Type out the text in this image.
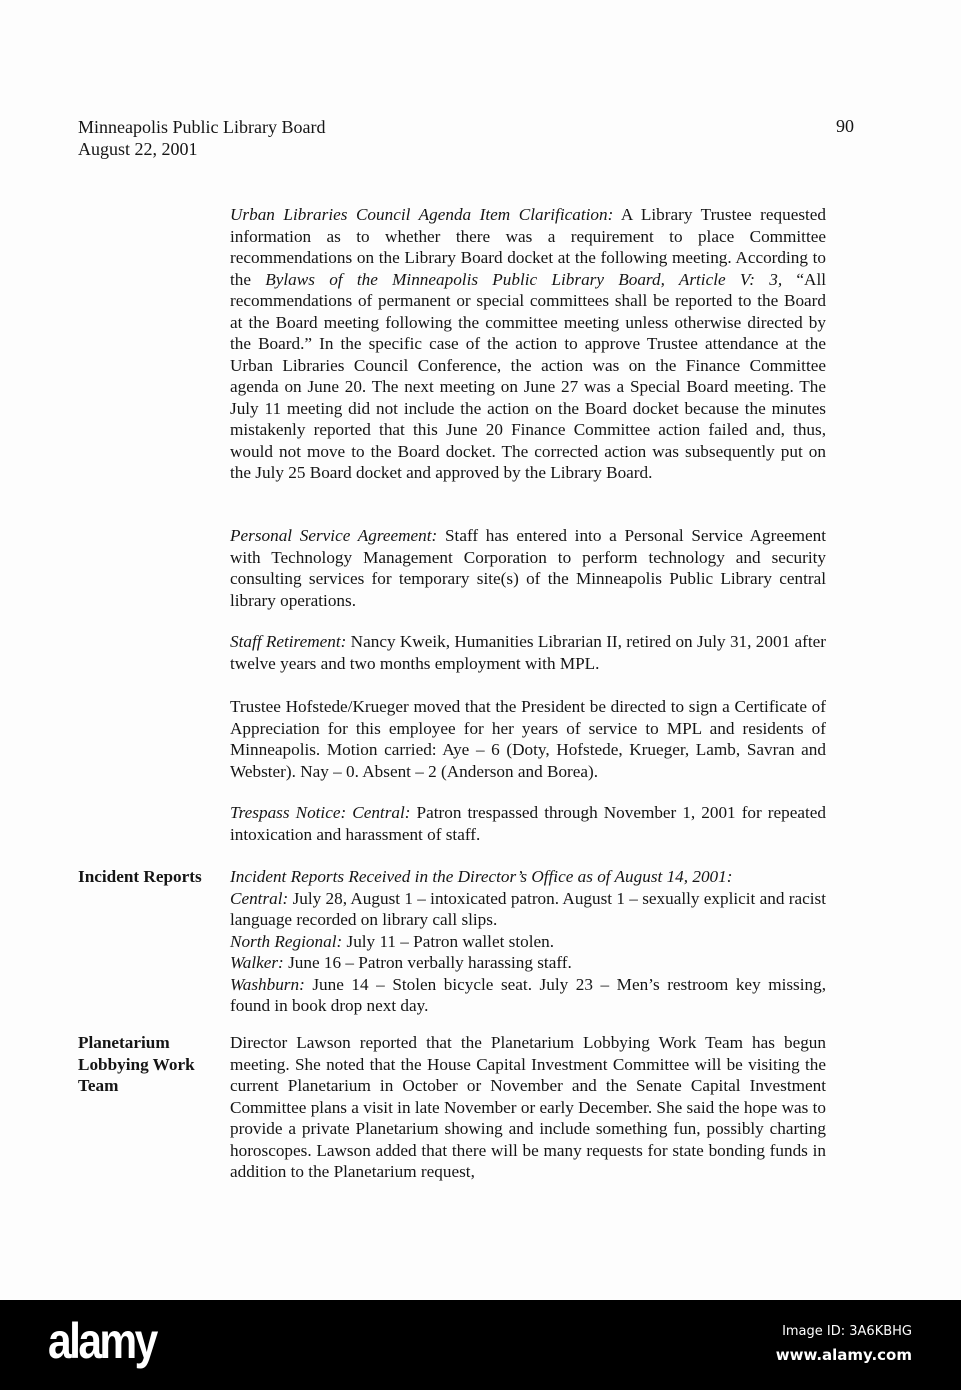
Minneapolis Public Library Board
August 22, 2001
90
Urban Libraries Council Agenda Item Clarification: A Library Trustee requested information as to whether there was a requirement to place Committee recommendations on the Library Board docket at the following meeting. According to the Bylaws of the Minneapolis Public Library Board, Article V: 3, “All recommendations of permanent or special committees shall be reported to the Board at the Board meeting following the committee meeting unless otherwise directed by the Board.” In the specific case of the action to approve Trustee attendance at the Urban Libraries Council Conference, the action was on the Finance Committee agenda on June 20. The next meeting on June 27 was a Special Board meeting. The July 11 meeting did not include the action on the Board docket because the minutes mistakenly reported that this June 20 Finance Committee action failed and, thus, would not move to the Board docket. The corrected action was subsequently put on the July 25 Board docket and approved by the Library Board.
Personal Service Agreement: Staff has entered into a Personal Service Agreement with Technology Management Corporation to perform technology and security consulting services for temporary site(s) of the Minneapolis Public Library central library operations.
Staff Retirement: Nancy Kweik, Humanities Librarian II, retired on July 31, 2001 after twelve years and two months employment with MPL.
Trustee Hofstede/Krueger moved that the President be directed to sign a Certificate of Appreciation for this employee for her years of service to MPL and residents of Minneapolis. Motion carried: Aye – 6 (Doty, Hofstede, Krueger, Lamb, Savran and Webster). Nay – 0. Absent – 2 (Anderson and Borea).
Trespass Notice: Central: Patron trespassed through November 1, 2001 for repeated intoxication and harassment of staff.
Incident Reports	Incident Reports Received in the Director’s Office as of August 14, 2001:
Central: July 28, August 1 – intoxicated patron. August 1 – sexually explicit and racist language recorded on library call slips.
North Regional: July 11 – Patron wallet stolen.
Walker: June 16 – Patron verbally harassing staff.
Washburn: June 14 – Stolen bicycle seat. July 23 – Men’s restroom key missing, found in book drop next day.
Planetarium
Lobbying Work
Team
Director Lawson reported that the Planetarium Lobbying Work Team has begun meeting. She noted that the House Capital Investment Committee will be visiting the current Planetarium in October or November and the Senate Capital Investment Committee plans a visit in late November or early December. She said the hope was to provide a private Planetarium showing and include something fun, possibly charting horoscopes. Lawson added that there will be many requests for state bonding funds in addition to the Planetarium request,
alamy	Image ID: 3A6KBHG
www.alamy.com
